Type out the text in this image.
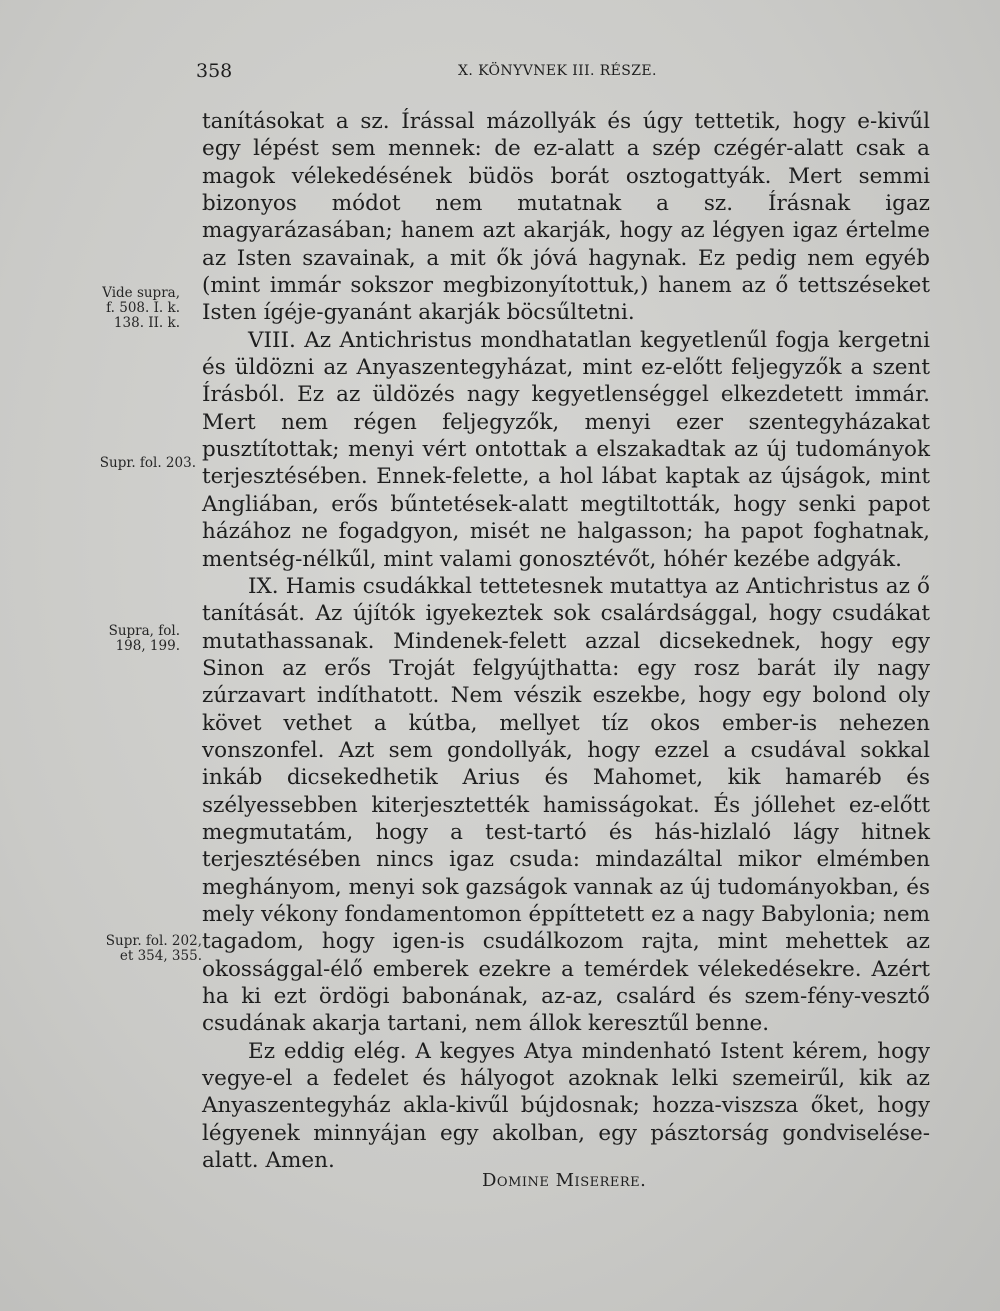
358	X. KÖNYVNEK III. RÉSZE.

tanításokat a sz. Írással mázollyák és úgy tettetik, hogy e-kivűl egy lépést sem mennek: de ez-alatt a szép czégér-alatt csak a magok vélekedésének büdös borát osztogattyák. Mert semmi bizonyos módot nem mutatnak a sz. Írásnak igaz magyarázasában; hanem azt akarják, hogy az légyen igaz értelme az Isten szavainak, a mit ők jóvá hagynak. Ez pedig nem egyéb (mint immár sokszor megbizonyítottuk,) hanem az ő tettszéseket Isten ígéje-gyanánt akarják böcsűltetni.

VIII. Az Antichristus mondhatatlan kegyetlenűl fogja kergetni és üldözni az Anyaszentegyházat, mint ez-előtt feljegyzők a szent Írásból. Ez az üldözés nagy kegyetlenséggel elkezdetett immár. Mert nem régen feljegyzők, menyi ezer szentegyházakat pusztítottak; menyi vért ontottak a elszakadtak az új tudományok terjesztésében. Ennek-felette, a hol lábat kaptak az újságok, mint Angliában, erős bűntetések-alatt megtiltották, hogy senki papot házához ne fogadgyon, misét ne halgasson; ha papot foghatnak, mentség-nélkűl, mint valami gonosztévőt, hóhér kezébe adgyák.

IX. Hamis csudákkal tettetesnek mutattya az Antichristus az ő tanítását. Az újítók igyekeztek sok csalárdsággal, hogy csudákat mutathassanak. Mindenek-felett azzal dicsekednek, hogy egy Sinon az erős Troját felgyújthatta: egy rosz barát ily nagy zúrzavart indíthatott. Nem vészik eszekbe, hogy egy bolond oly követ vethet a kútba, mellyet tíz okos ember-is nehezen vonszonfel. Azt sem gondollyák, hogy ezzel a csudával sokkal inkáb dicsekedhetik Arius és Mahomet, kik hamaréb és szélyessebben kiterjesztették hamisságokat. És jóllehet ez-előtt megmutatám, hogy a test-tartó és hás-hizlaló lágy hitnek terjesztésében nincs igaz csuda: mindazáltal mikor elmémben meghányom, menyi sok gazságok vannak az új tudományokban, és mely vékony fondamentomon éppíttetett ez a nagy Babylonia; nem tagadom, hogy igen-is csudálkozom rajta, mint mehettek az okossággal-élő emberek ezekre a temérdek vélekedésekre. Azért ha ki ezt ördögi babonának, az-az, csalárd és szem-fény-vesztő csudának akarja tartani, nem állok keresztűl benne.

Ez eddig elég. A kegyes Atya mindenható Istent kérem, hogy vegye-el a fedelet és hályogot azoknak lelki szemeirűl, kik az Anyaszentegyház akla-kivűl bújdosnak; hozza-viszsza őket, hogy légyenek minnyájan egy akolban, egy pásztorság gondviselése-alatt. Amen.

Domine Miserere.
Vide supra,
f. 508. I. k.
138. II. k.
Supr. fol. 203.
Supra, fol.
198, 199.
Supr. fol. 202,
et 354, 355.
